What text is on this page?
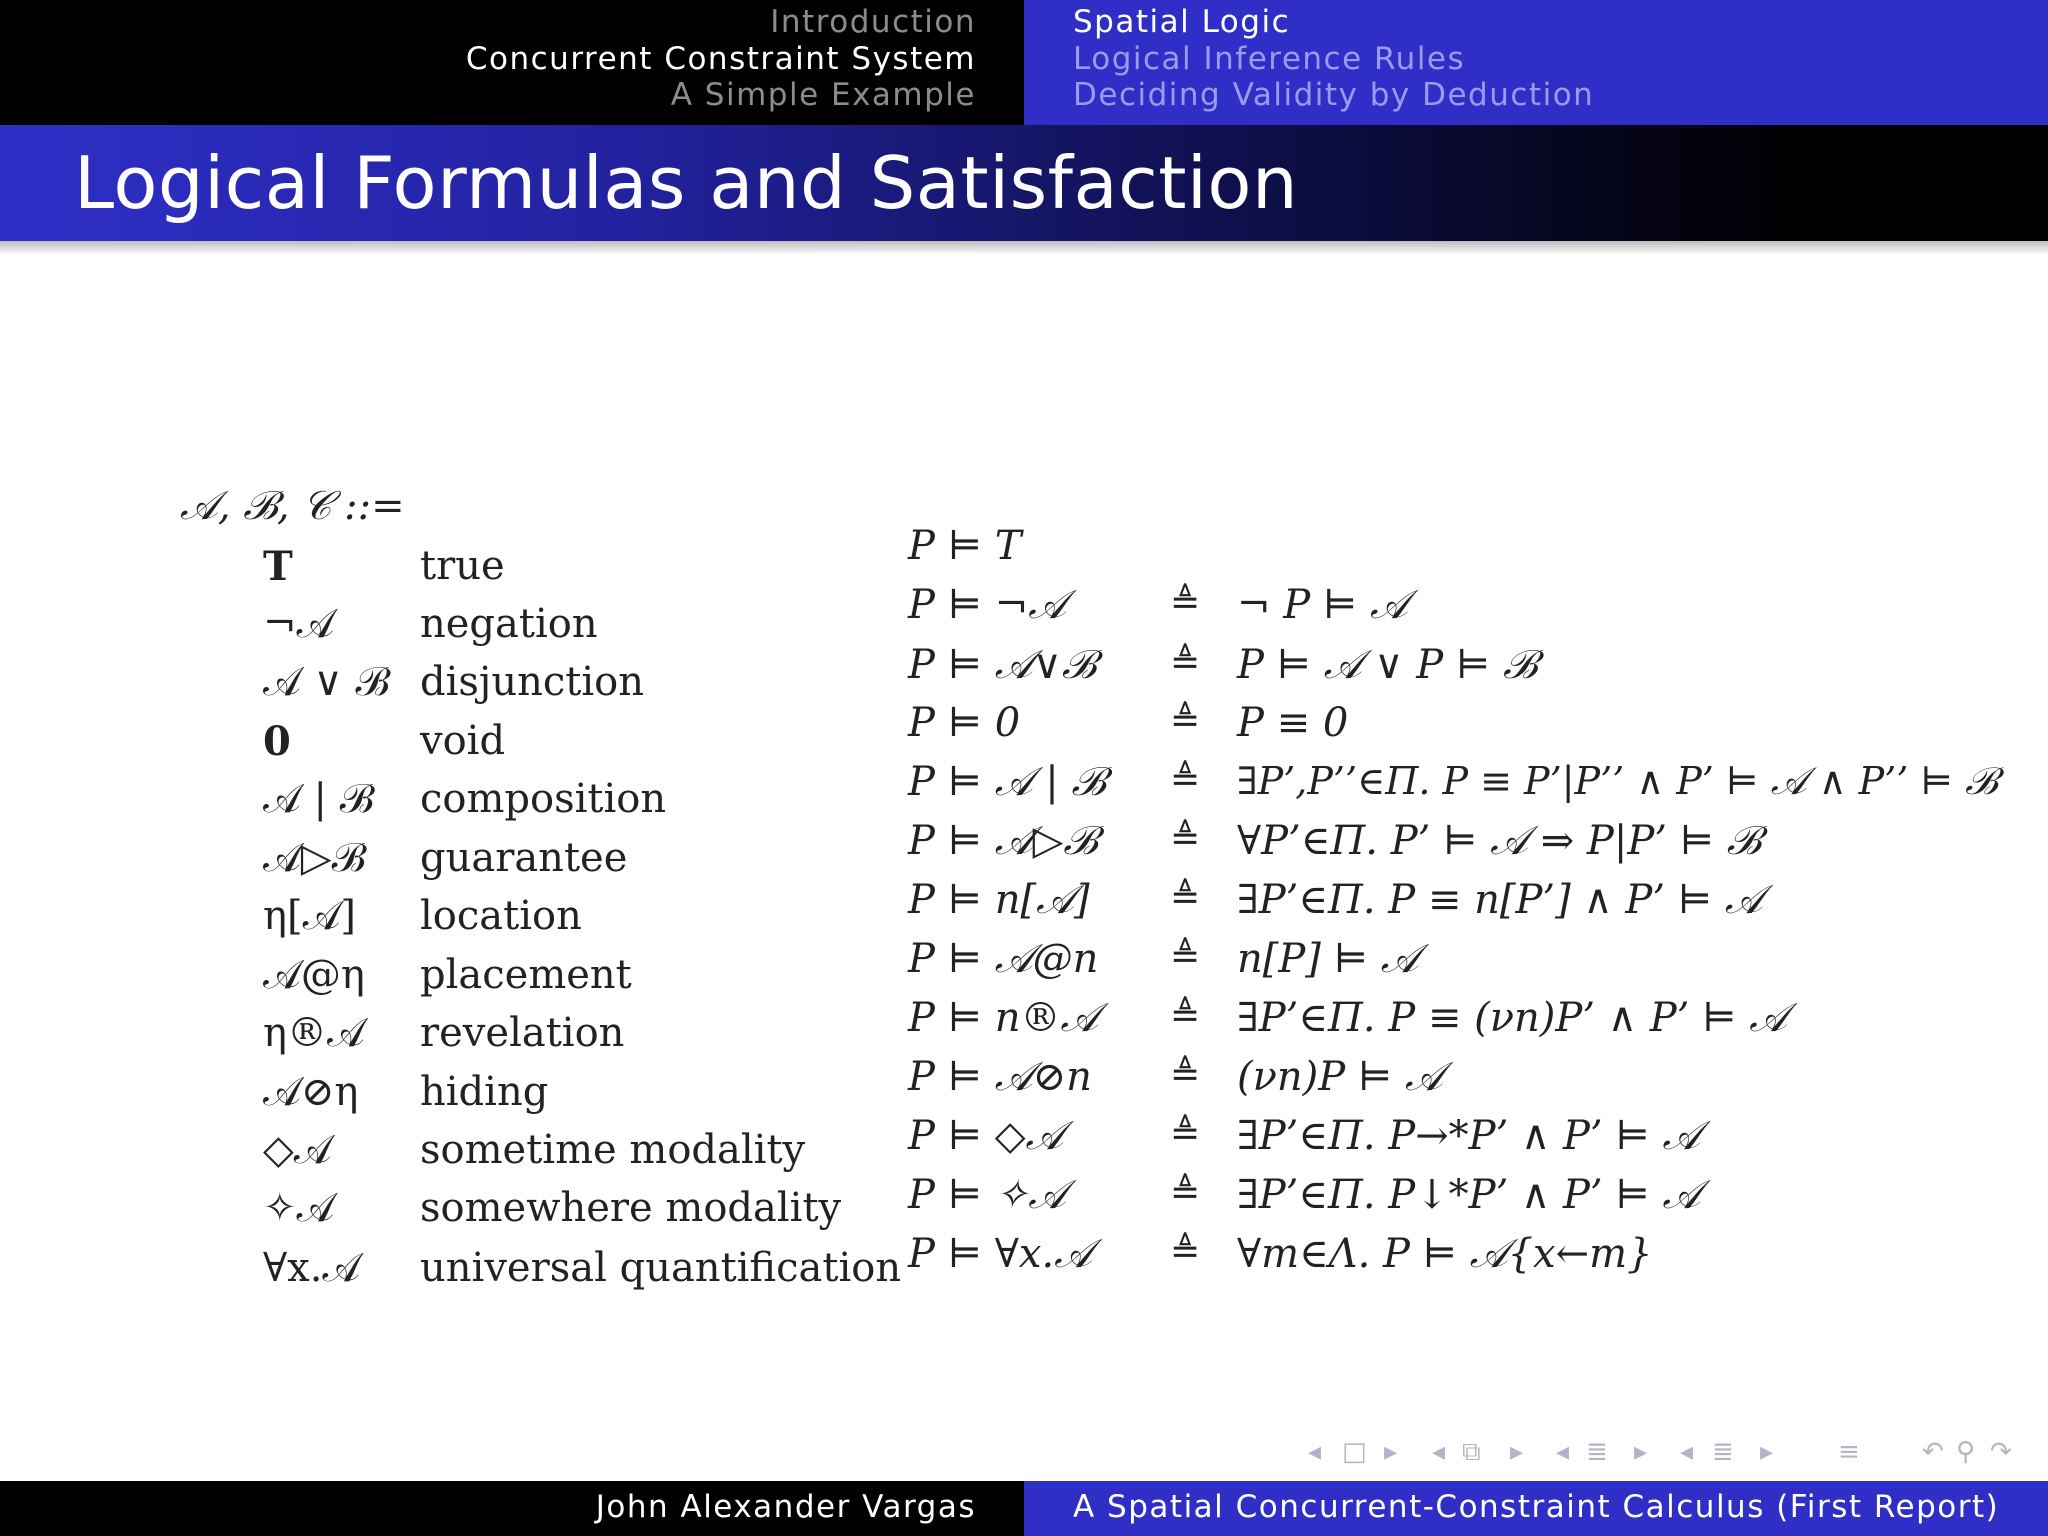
Introduction
Concurrent Constraint System
A Simple Example
Spatial Logic
Logical Inference Rules
Deciding Validity by Deduction
Logical Formulas and Satisfaction
𝒜, ℬ, 𝒞 ::=
T	true
¬𝒜 negation
𝒜 ∨ ℬ disjunction
0	void
𝒜 | ℬ composition
𝒜▷ℬ guarantee
η[𝒜] location
𝒜@η placement
η®𝒜 revelation
𝒜⊘η hiding
◇𝒜 sometime modality
✧𝒜 somewhere modality
∀x.𝒜 universal quantification
P ⊨ T
P ⊨ ¬𝒜	≜ ¬ P ⊨ 𝒜
P ⊨ 𝒜∨ℬ ≜ P ⊨ 𝒜 ∨ P ⊨ ℬ
P ⊨ 0	≜ P ≡ 0
P ⊨ 𝒜 | ℬ ≜ ∃P’,P’’∈Π. P ≡ P’|P’’ ∧ P’ ⊨ 𝒜 ∧ P’’ ⊨ ℬ
P ⊨ 𝒜▷ℬ ≜ ∀P’∈Π. P’ ⊨ 𝒜 ⇒ P|P’ ⊨ ℬ
P ⊨ n[𝒜] ≜ ∃P’∈Π. P ≡ n[P’] ∧ P’ ⊨ 𝒜
P ⊨ 𝒜@n ≜ n[P] ⊨ 𝒜
P ⊨ n®𝒜 ≜ ∃P’∈Π. P ≡ (νn)P’ ∧ P’ ⊨ 𝒜
P ⊨ 𝒜⊘n ≜ (νn)P ⊨ 𝒜
P ⊨ ◇𝒜	≜ ∃P’∈Π. P→*P’ ∧ P’ ⊨ 𝒜
P ⊨ ✧𝒜	≜ ∃P’∈Π. P↓*P’ ∧ P’ ⊨ 𝒜
P ⊨ ∀x.𝒜 ≜ ∀m∈Λ. P ⊨ 𝒜{x←m}
◂ □ ▸ ◂ ⧉ ▸ ◂ ≣ ▸ ◂ ≣ ▸ ≡ ↶ ⚲ ↷
John Alexander Vargas	A Spatial Concurrent-Constraint Calculus (First Report)
